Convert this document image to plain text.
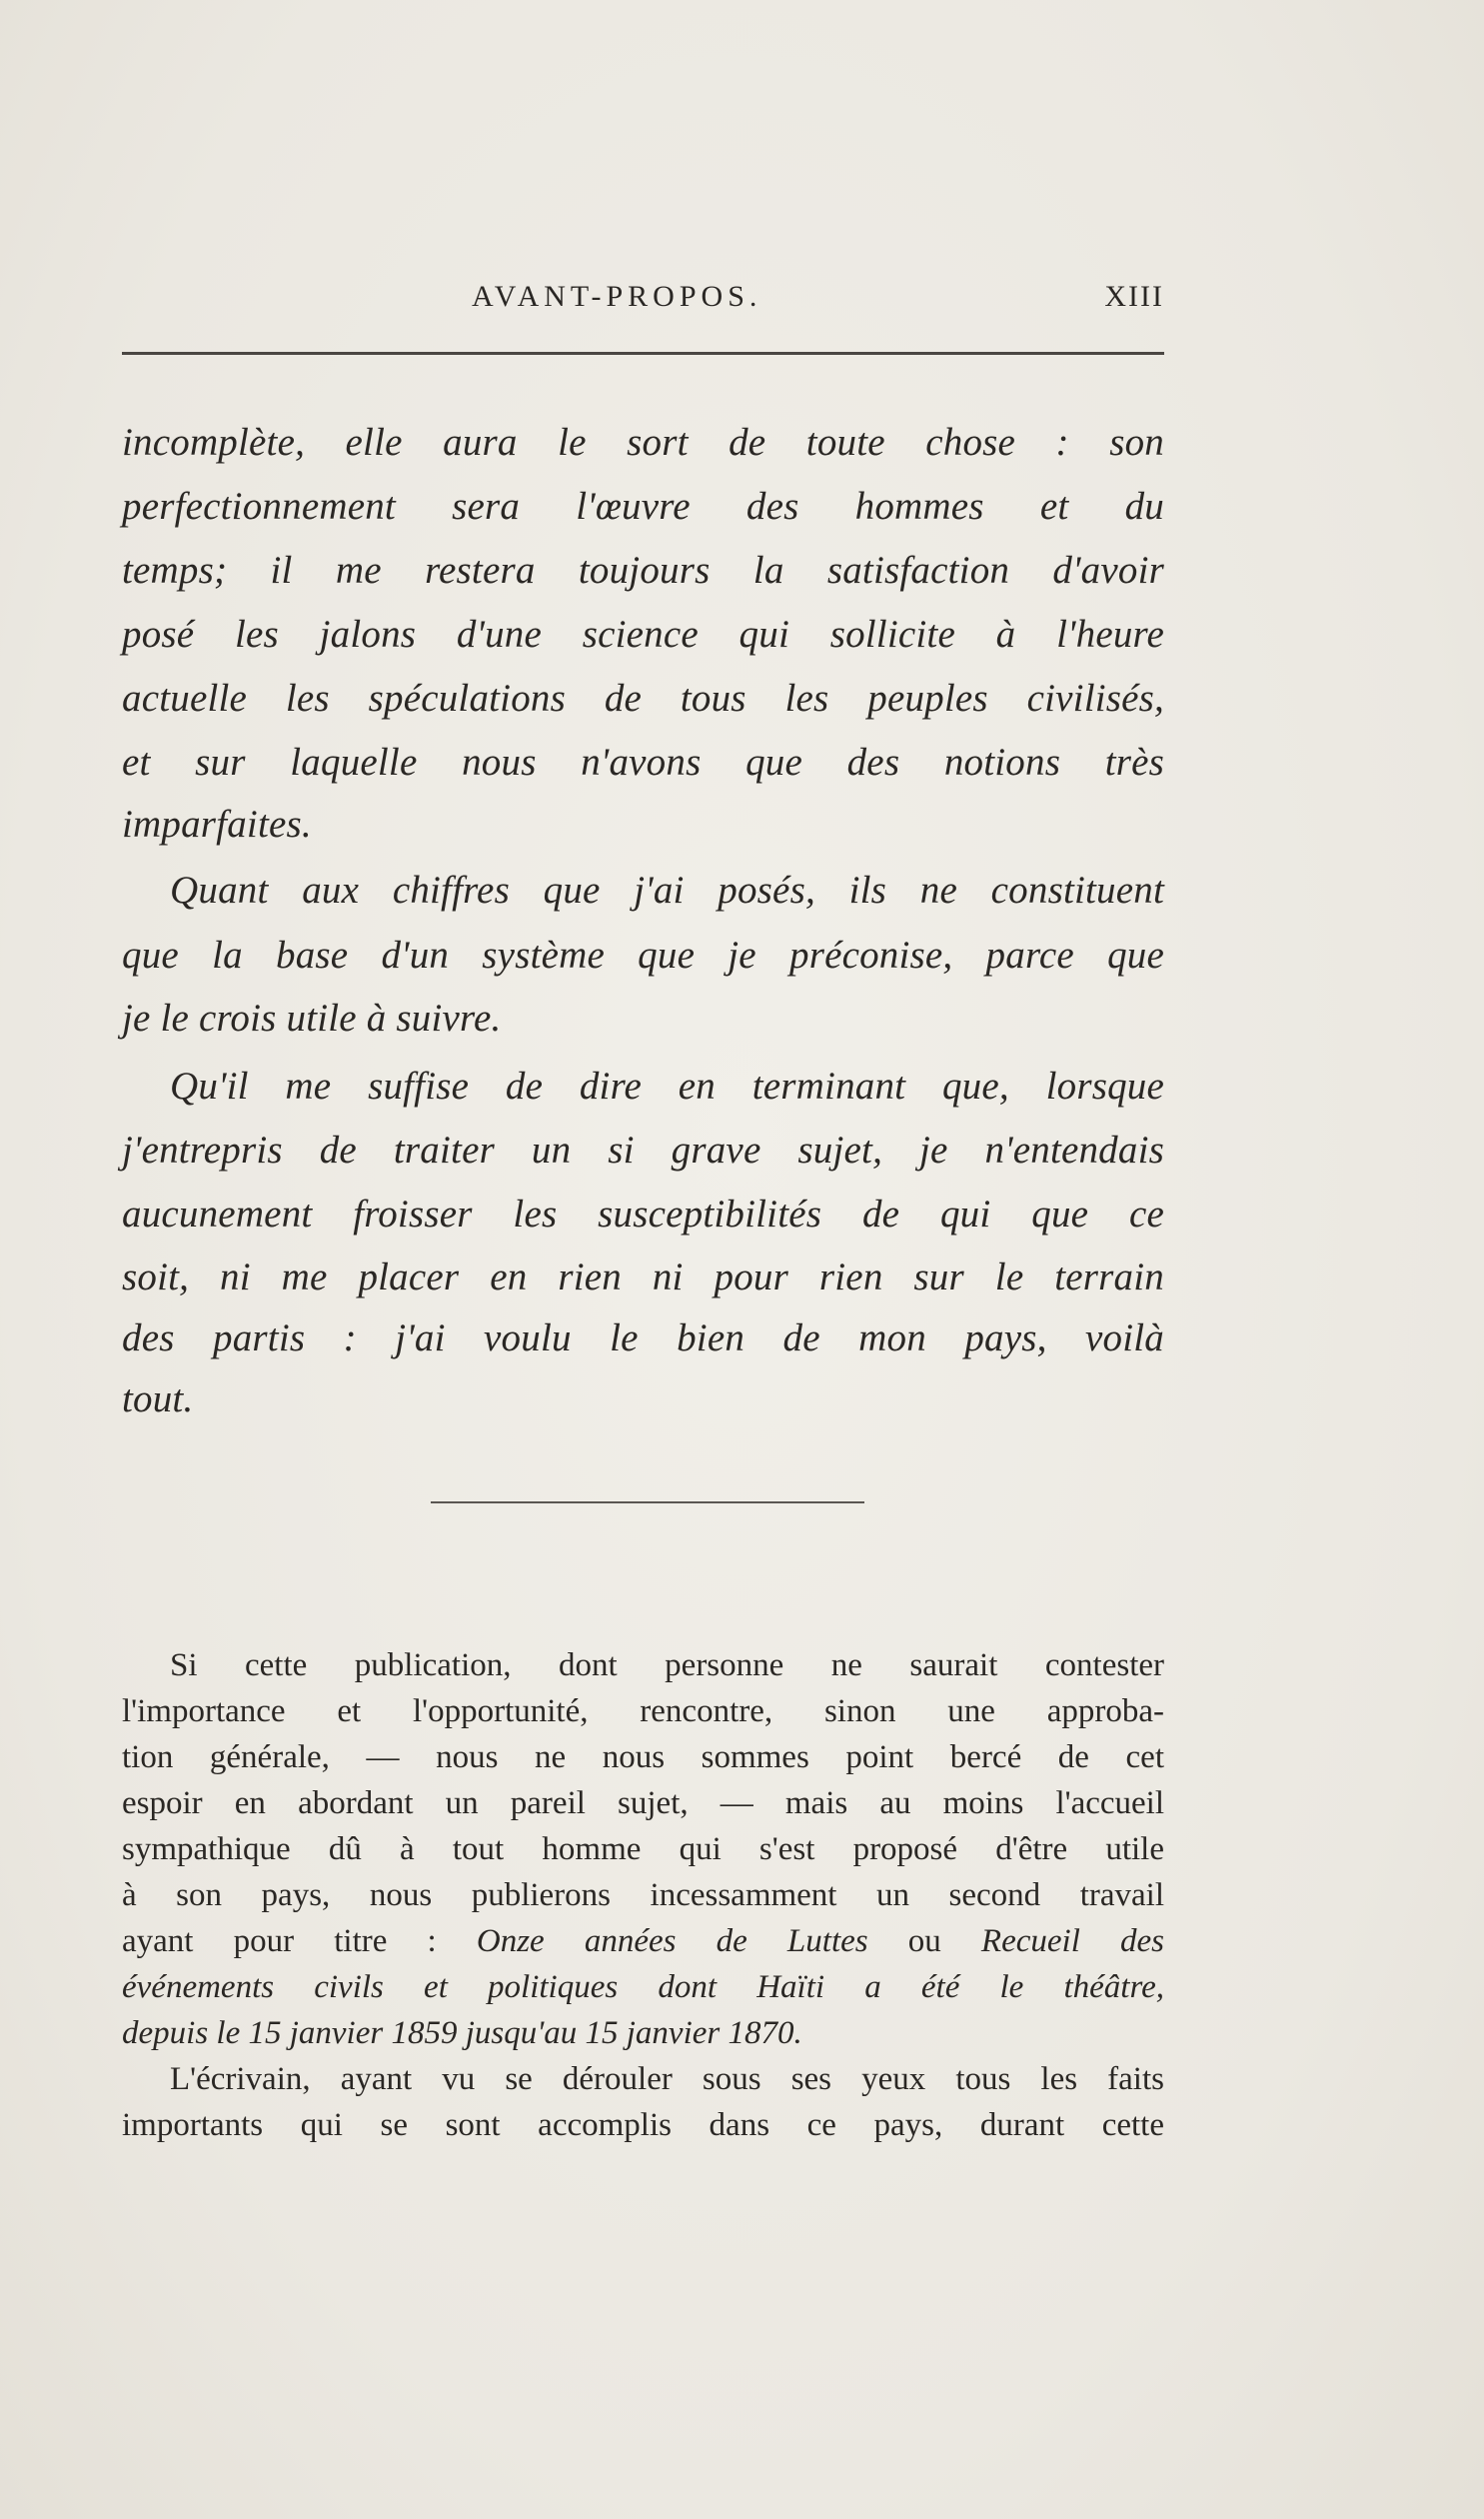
AVANT-PROPOS.	XIII
incomplète, elle aura le sort de toute chose : son
perfectionnement sera l'œuvre des hommes et du
temps; il me restera toujours la satisfaction d'avoir
posé les jalons d'une science qui sollicite à l'heure
actuelle les spéculations de tous les peuples civilisés,
et sur laquelle nous n'avons que des notions très
imparfaites.
Quant aux chiffres que j'ai posés, ils ne constituent
que la base d'un système que je préconise, parce que
je le crois utile à suivre.
Qu'il me suffise de dire en terminant que, lorsque
j'entrepris de traiter un si grave sujet, je n'entendais
aucunement froisser les susceptibilités de qui que ce
soit, ni me placer en rien ni pour rien sur le terrain
des partis : j'ai voulu le bien de mon pays, voilà
tout.
Si cette publication, dont personne ne saurait contester
l'importance et l'opportunité, rencontre, sinon une approba-
tion générale, — nous ne nous sommes point bercé de cet
espoir en abordant un pareil sujet, — mais au moins l'accueil
sympathique dû à tout homme qui s'est proposé d'être utile
à son pays, nous publierons incessamment un second travail
ayant pour titre : Onze années de Luttes ou Recueil des
événements civils et politiques dont Haïti a été le théâtre,
depuis le 15 janvier 1859 jusqu'au 15 janvier 1870.
L'écrivain, ayant vu se dérouler sous ses yeux tous les faits
importants qui se sont accomplis dans ce pays, durant cette
